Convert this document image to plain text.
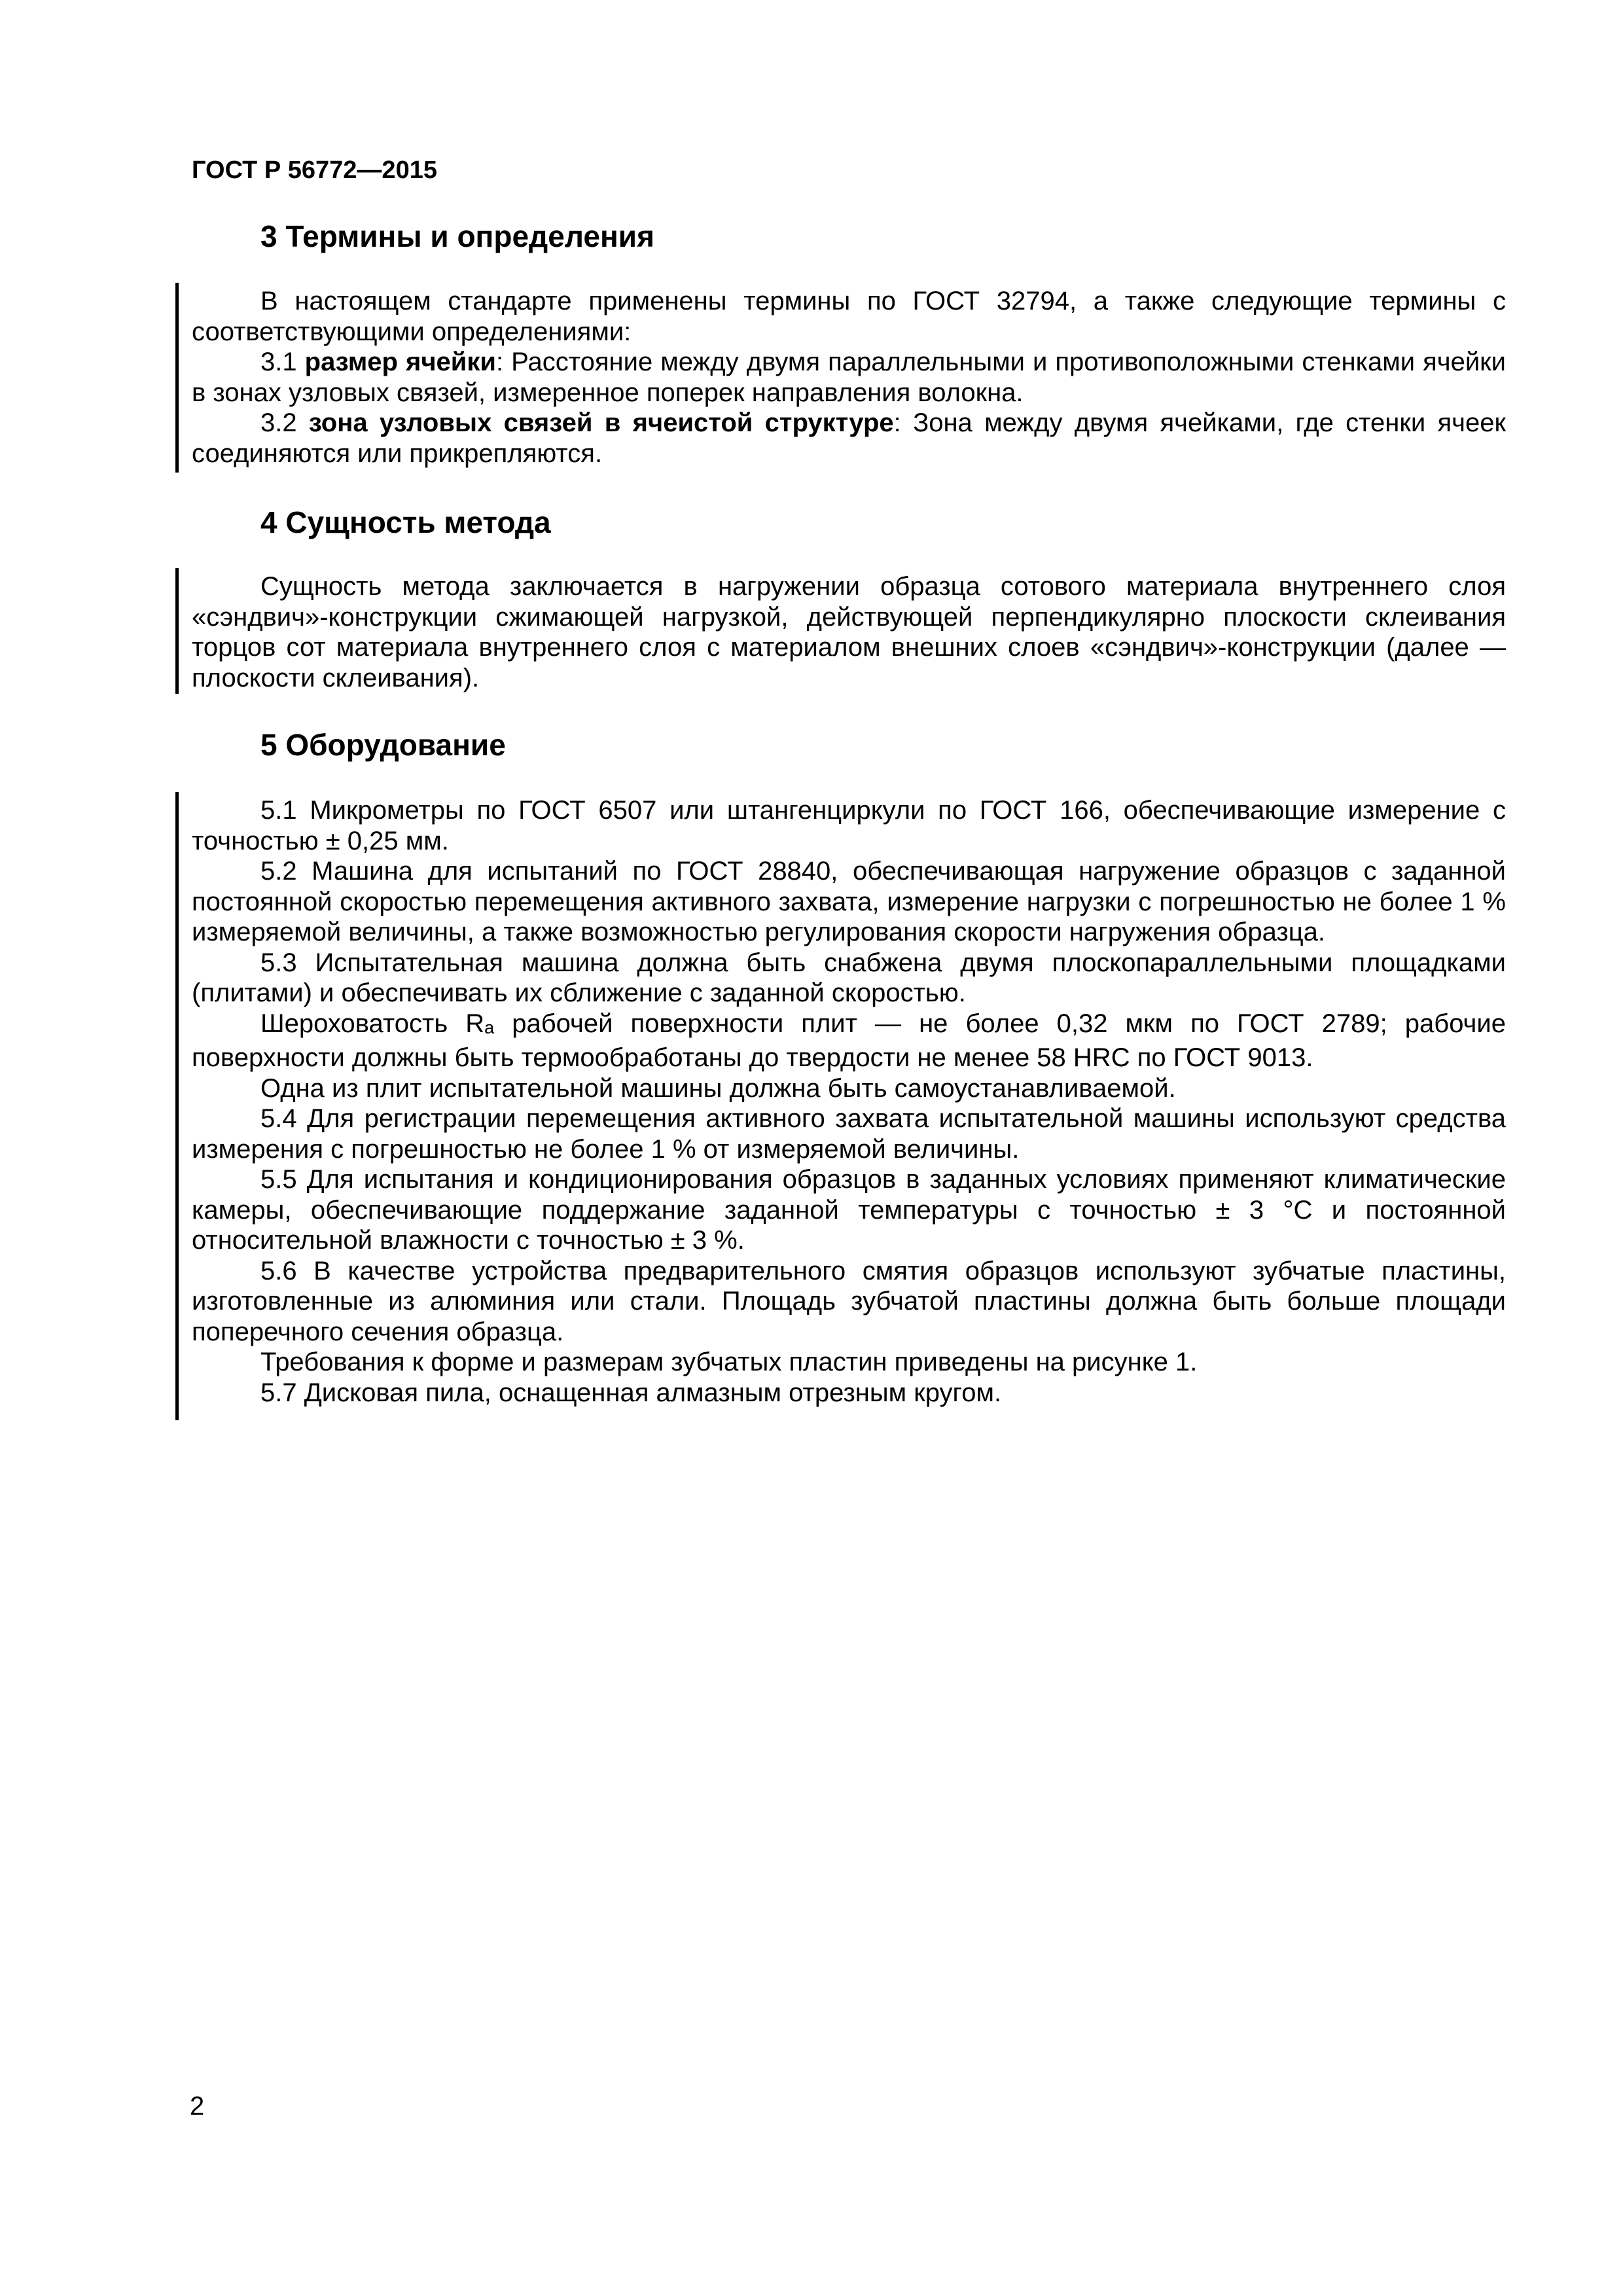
ГОСТ Р 56772—2015
3 Термины и определения

В настоящем стандарте применены термины по ГОСТ 32794, а также следующие термины с соответствующими определениями:

3.1 размер ячейки: Расстояние между двумя параллельными и противоположными стенками ячейки в зонах узловых связей, измеренное поперек направления волокна.

3.2 зона узловых связей в ячеистой структуре: Зона между двумя ячейками, где стенки ячеек соединяются или прикрепляются.

4 Сущность метода

Сущность метода заключается в нагружении образца сотового материала внутреннего слоя «сэндвич»-конструкции сжимающей нагрузкой, действующей перпендикулярно плоскости склеивания торцов сот материала внутреннего слоя с материалом внешних слоев «сэндвич»-конструкции (далее — плоскости склеивания).

5 Оборудование

5.1 Микрометры по ГОСТ 6507 или штангенциркули по ГОСТ 166, обеспечивающие измерение с точностью ± 0,25 мм.

5.2 Машина для испытаний по ГОСТ 28840, обеспечивающая нагружение образцов с заданной постоянной скоростью перемещения активного захвата, измерение нагрузки с погрешностью не более 1 % измеряемой величины, а также возможностью регулирования скорости нагружения образца.

5.3 Испытательная машина должна быть снабжена двумя плоскопараллельными площадками (плитами) и обеспечивать их сближение с заданной скоростью.

Шероховатость $R_a$ рабочей поверхности плит — не более 0,32 мкм по ГОСТ 2789; рабочие поверхности должны быть термообработаны до твердости не менее 58 HRC по ГОСТ 9013.

Одна из плит испытательной машины должна быть самоустанавливаемой.

5.4 Для регистрации перемещения активного захвата испытательной машины используют средства измерения с погрешностью не более 1 % от измеряемой величины.

5.5 Для испытания и кондиционирования образцов в заданных условиях применяют климатические камеры, обеспечивающие поддержание заданной температуры с точностью ± 3 °С и постоянной относительной влажности с точностью ± 3 %.

5.6 В качестве устройства предварительного смятия образцов используют зубчатые пластины, изготовленные из алюминия или стали. Площадь зубчатой пластины должна быть больше площади поперечного сечения образца.

Требования к форме и размерам зубчатых пластин приведены на рисунке 1.

5.7 Дисковая пила, оснащенная алмазным отрезным кругом.

2
